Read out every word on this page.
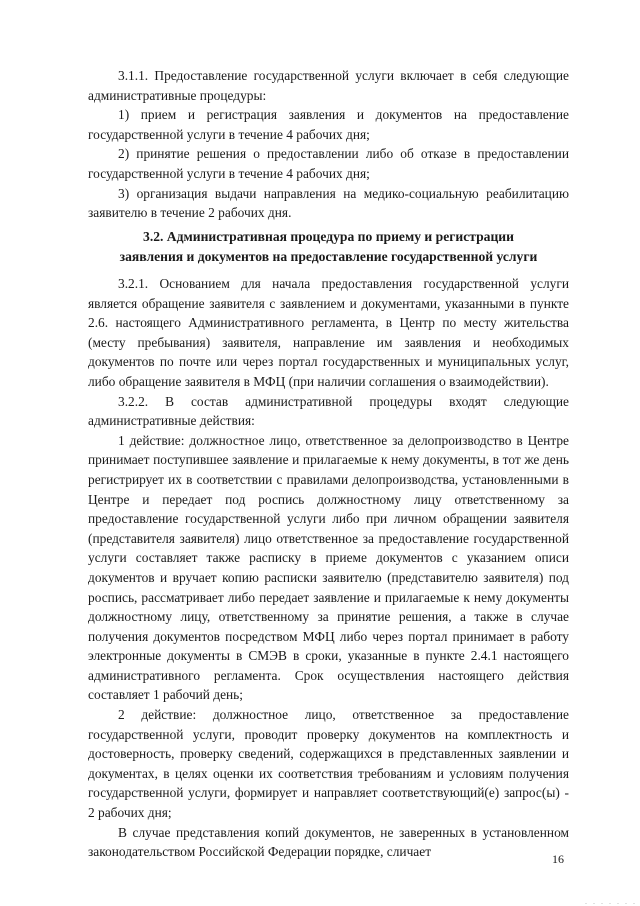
3.1.1. Предоставление государственной услуги включает в себя следующие административные процедуры:

1) прием и регистрация заявления и документов на предоставление государственной услуги в течение 4 рабочих дня;

2) принятие решения о предоставлении либо об отказе в предоставлении государственной услуги в течение 4 рабочих дня;

3) организация выдачи направления на медико-социальную реабилитацию заявителю в течение 2 рабочих дня.

3.2. Административная процедура по приему и регистрации
заявления и документов на предоставление государственной услуги

3.2.1. Основанием для начала предоставления государственной услуги является обращение заявителя с заявлением и документами, указанными в пункте 2.6. настоящего Административного регламента, в Центр по месту жительства (месту пребывания) заявителя, направление им заявления и необходимых документов по почте или через портал государственных и муниципальных услуг, либо обращение заявителя в МФЦ (при наличии соглашения о взаимодействии).

3.2.2. В состав административной процедуры входят следующие административные действия:

1 действие: должностное лицо, ответственное за делопроизводство в Центре принимает поступившее заявление и прилагаемые к нему документы, в тот же день регистрирует их в соответствии с правилами делопроизводства, установленными в Центре и передает под роспись должностному лицу ответственному за предоставление государственной услуги либо при личном обращении заявителя (представителя заявителя) лицо ответственное за предоставление государственной услуги составляет также расписку в приеме документов с указанием описи документов и вручает копию расписки заявителю (представителю заявителя) под роспись, рассматривает либо передает заявление и прилагаемые к нему документы должностному лицу, ответственному за принятие решения, а также в случае получения документов посредством МФЦ либо через портал принимает в работу электронные документы в СМЭВ в сроки, указанные в пункте 2.4.1 настоящего административного регламента. Срок осуществления настоящего действия составляет 1 рабочий день;

2 действие: должностное лицо, ответственное за предоставление государственной услуги, проводит проверку документов на комплектность и достоверность, проверку сведений, содержащихся в представленных заявлении и документах, в целях оценки их соответствия требованиям и условиям получения государственной услуги, формирует и направляет соответствующий(е) запрос(ы) - 2 рабочих дня;

В случае представления копий документов, не заверенных в установленном законодательством Российской Федерации порядке, сличает	16
. . . . . . .
